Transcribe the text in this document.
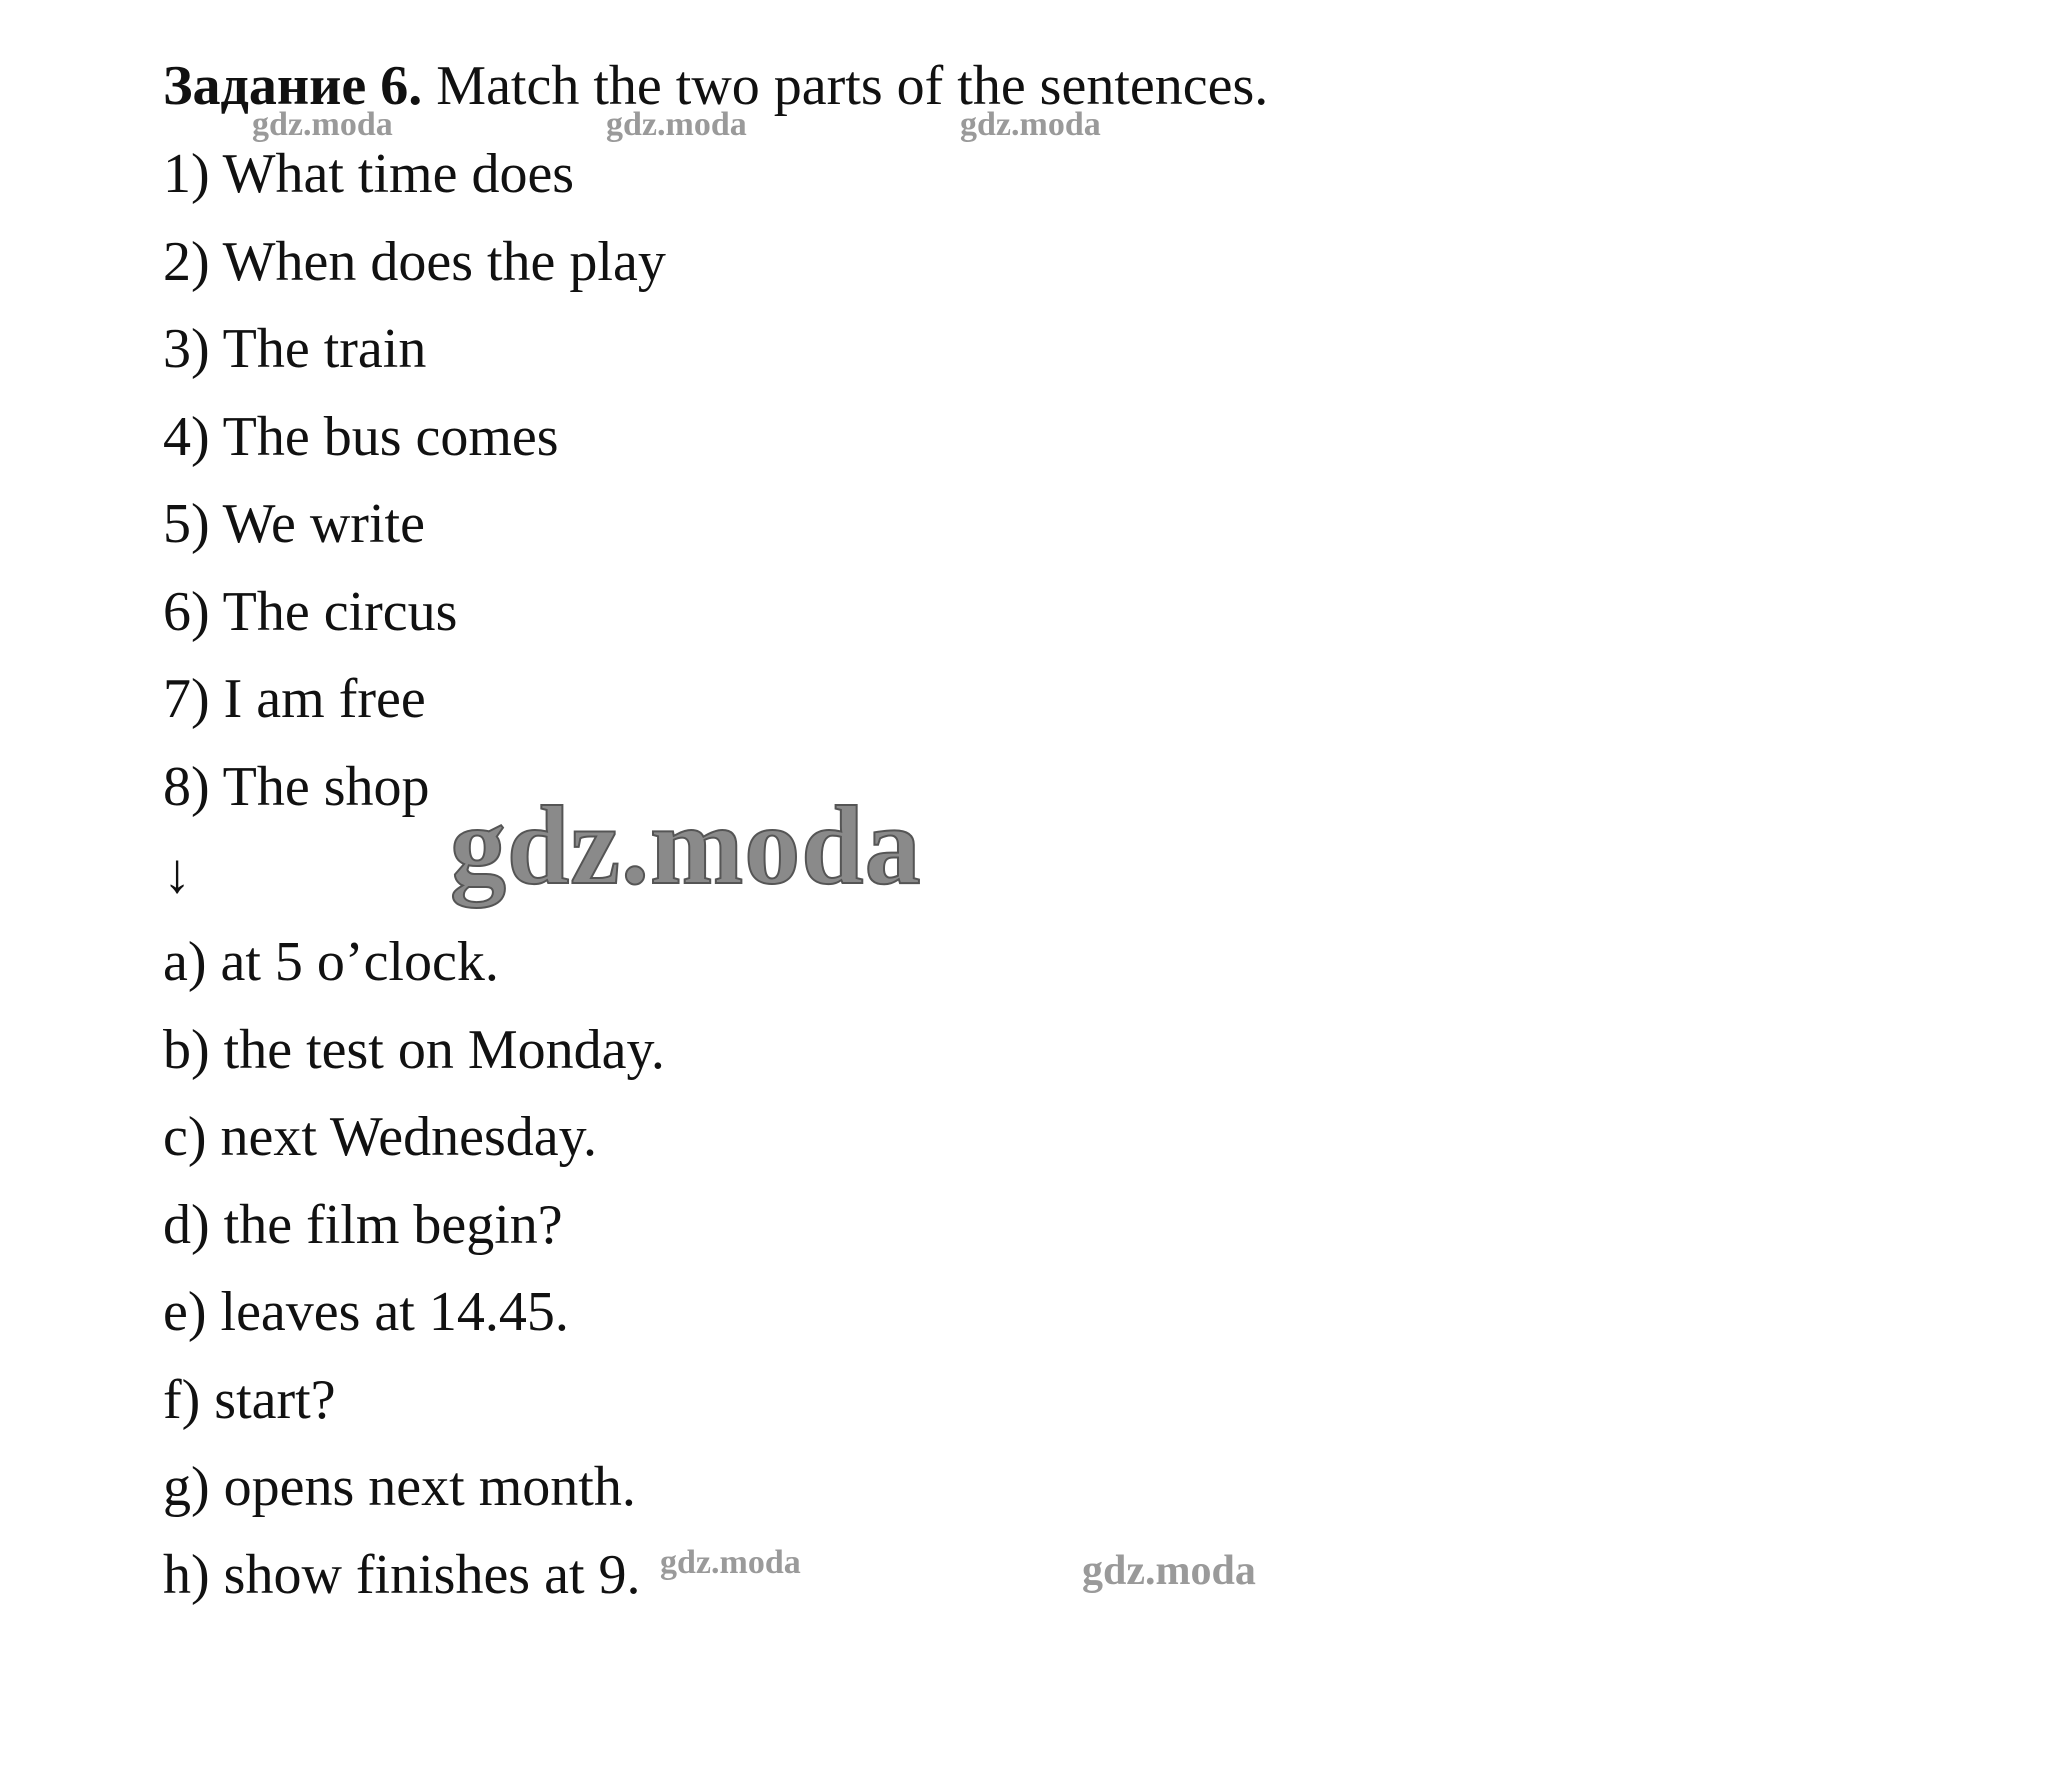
Задание 6. Match the two parts of the sentences.
1) What time does
2) When does the play
3) The train
4) The bus comes
5) We write
6) The circus
7) I am free
8) The shop
↓
a) at 5 o’clock.
b) the test on Monday.
c) next Wednesday.
d) the film begin?
e) leaves at 14.45.
f) start?
g) opens next month.
h) show finishes at 9.
gdz.moda	gdz.moda	gdz.moda
gdz.moda
gdz.moda	gdz.moda
